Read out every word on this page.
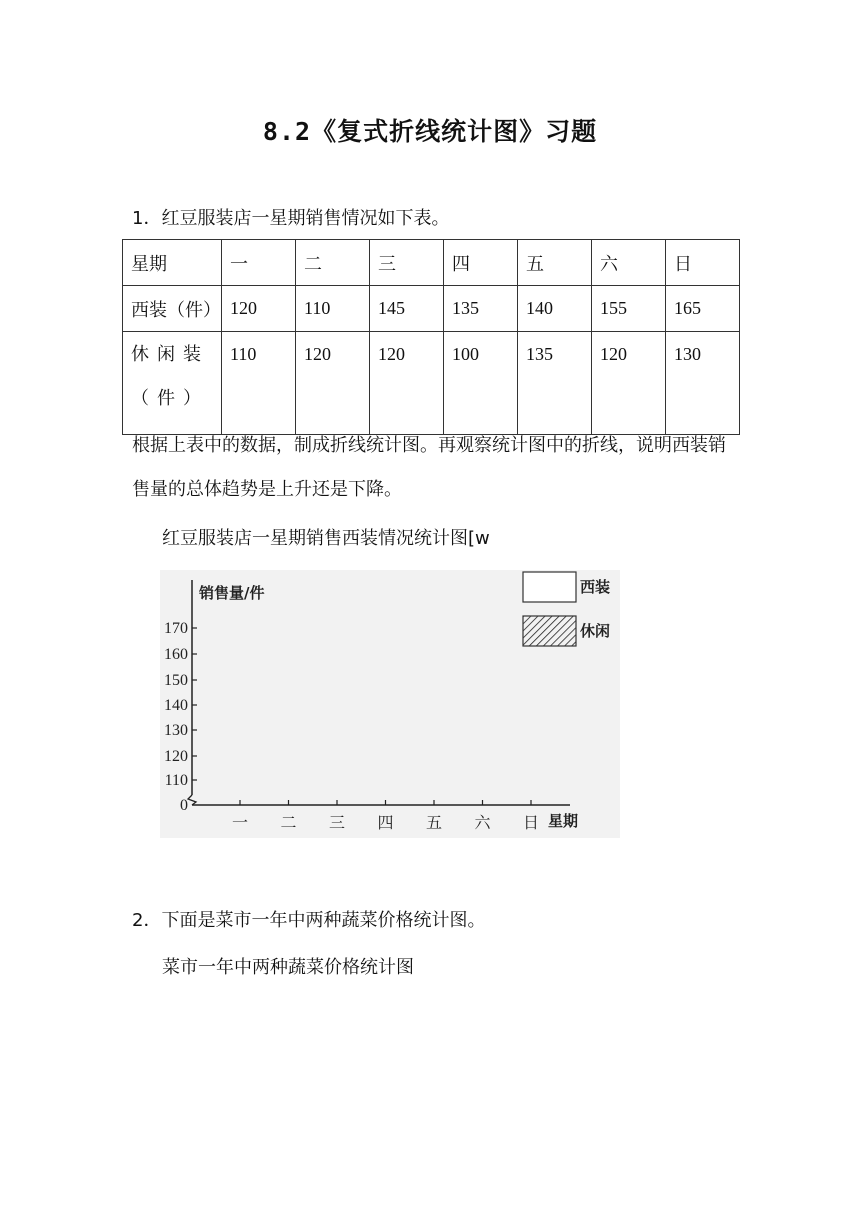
8.2《复式折线统计图》习题
1．红豆服装店一星期销售情况如下表。
星期	一	二	三	四	五	六	日
西装（件）	120	110	145	135	140	155	165
休闲装（件）	110	120	120	100	135	120	130
根据上表中的数据，制成折线统计图。再观察统计图中的折线，说明西装销售量的总体趋势是上升还是下降。
红豆服装店一星期销售西装情况统计图[w
销售量/件	西装
休闲
0
110
120
130
140
150
160
170
一 二 三 四 五 六 日 星期
2．下面是菜市一年中两种蔬菜价格统计图。
菜市一年中两种蔬菜价格统计图
